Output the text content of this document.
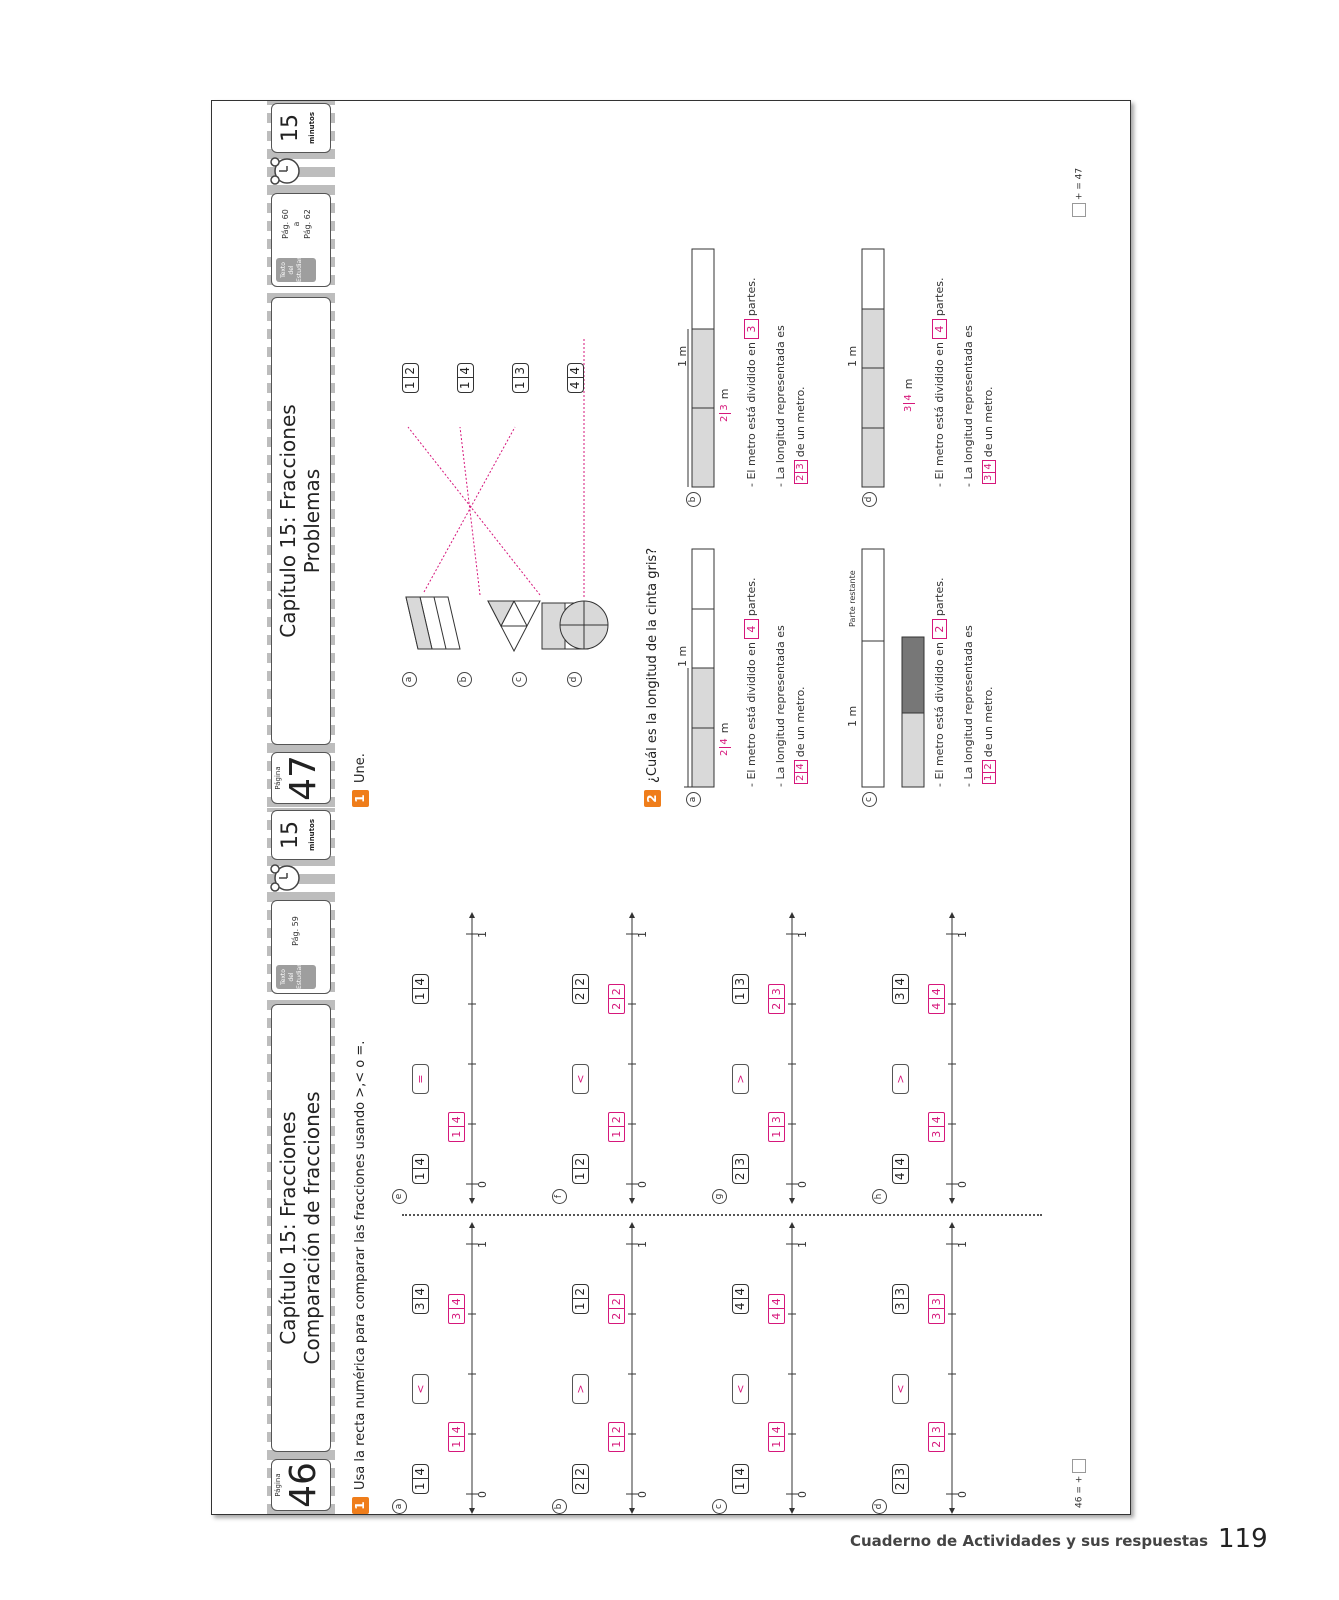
Página 47
Capítulo 15: Fracciones Problemas
Texto del Estudiante
Pág. 60 a Pág. 62
15 minutos
1
Une.
a	b	c	d
1
2
1
4
1
3
4
4
2
¿Cuál es la longitud de la cinta gris?
a
1 m
2
4
m - El metro está dividido en4partes.
- La longitud representada es 2
4
de un metro.
b
1 m
2
3
m - El metro está dividido en3partes.
- La longitud representada es 2
3
de un metro.
c
1 m
Parte restante
- El metro está dividido en2partes.
- La longitud representada es 1
2
de un metro.
d
1 m
3
4
m - El metro está dividido en4partes.
- La longitud representada es 3
4
de un metro.
+ = 47
Página 46
Capítulo 15: Fracciones Comparación de fracciones
Texto del Estudiante
Pág. 59
15 minutos
1
Usa la recta numérica para comparar las fracciones usando >,< o =.
a
1
4
<
3
4
0
1
1
4
3
4
b
2
2
>
1
2
0
1
1
2
2
2
c
1
4
<
4
4
0
1
1
4
4
4
d
2
3
<
3
3
0
1
2
3
3
3
e
1
4
=
1
4
0
1
1
4
f
1
2
<
2
2
0
1
1
2
2
2
g
2
3
>
1
3
0
1
1
3
2
3
h
4
4
>
3
4
0
1
3
4
4
4
46 = +
Cuaderno de Actividades y sus respuestas 119
